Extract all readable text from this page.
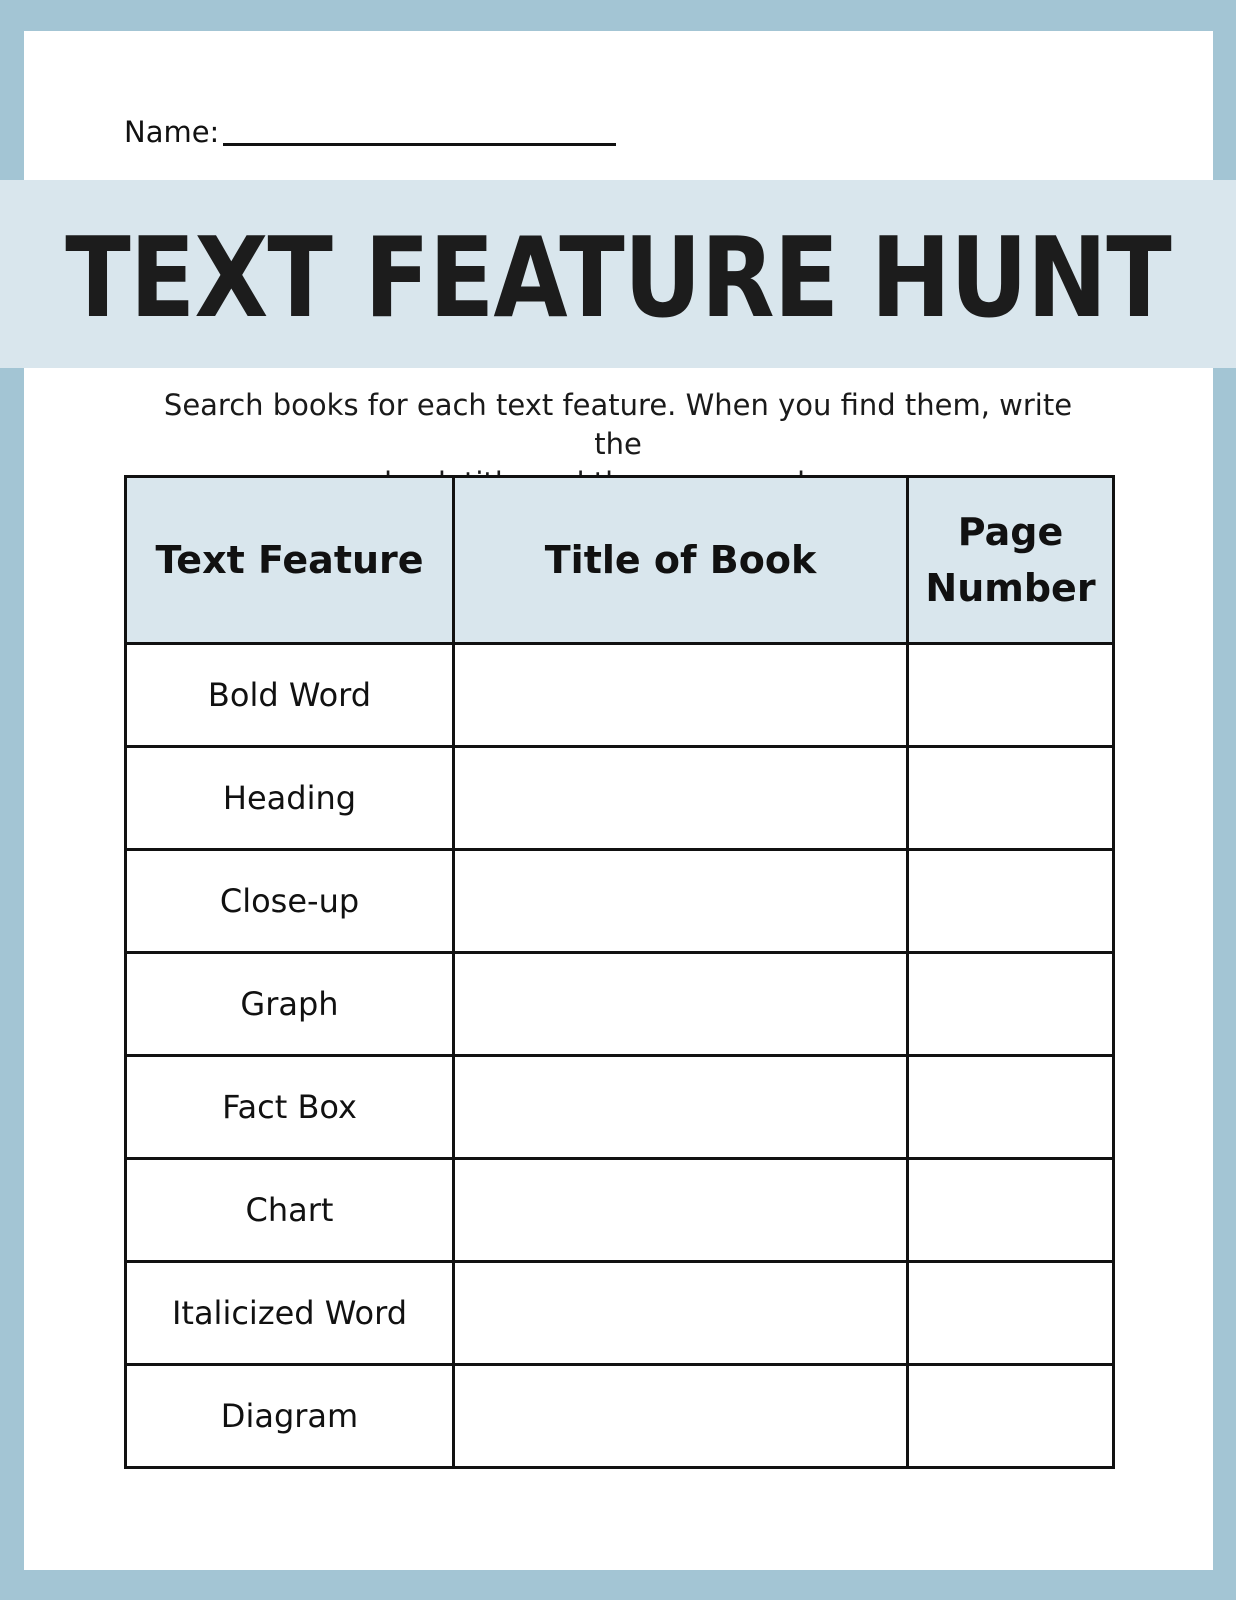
Name:
TEXT FEATURE HUNT
Search books for each text feature. When you find them, write the
Text Feature	Title of Book	Page
Number

Bold Word		
Heading		
Close-up		
Graph		
Fact Box		
Chart		
Italicized Word		
Diagram		
